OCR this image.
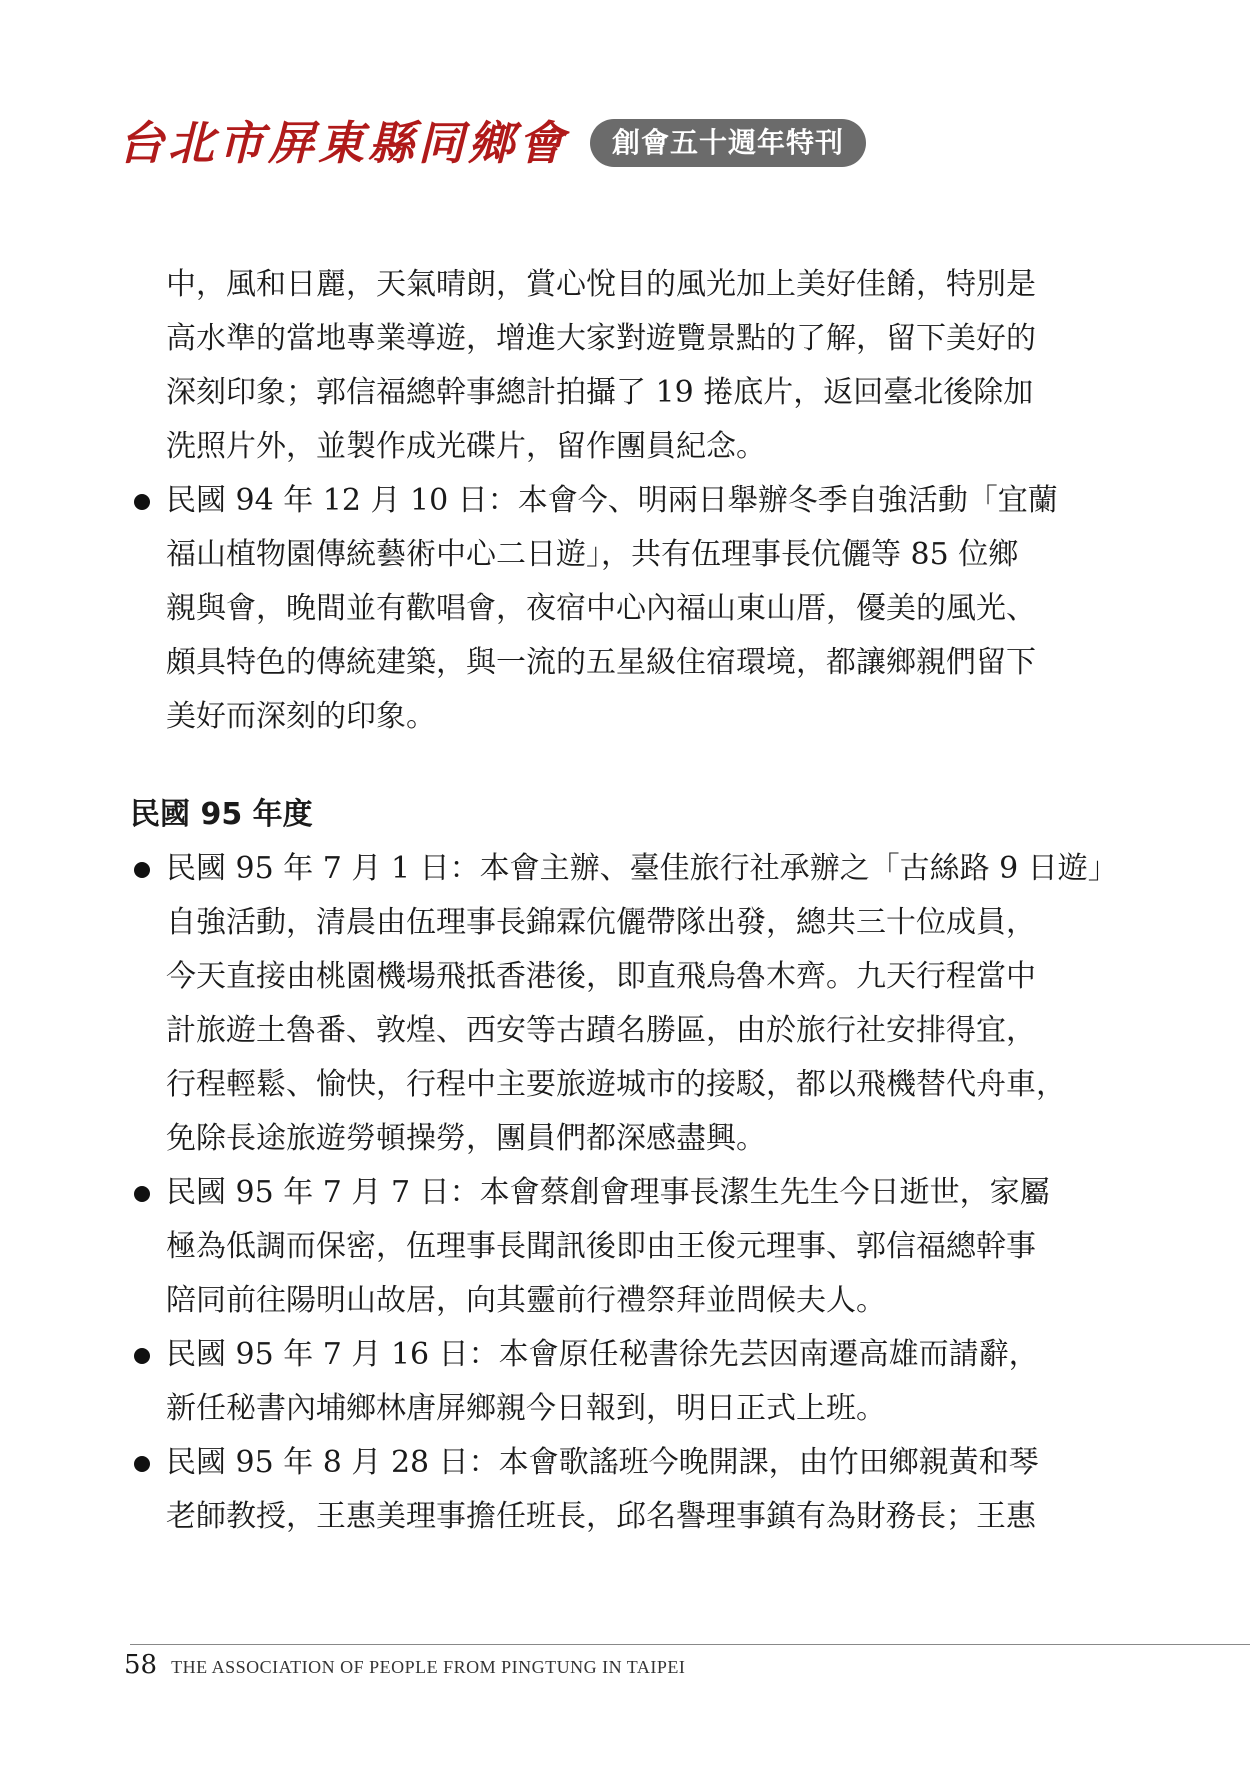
台北市屏東縣同鄉會	創會五十週年特刊

中，風和日麗，天氣晴朗，賞心悅目的風光加上美好佳餚，特別是

高水準的當地專業導遊，增進大家對遊覽景點的了解，留下美好的

深刻印象；郭信福總幹事總計拍攝了 19 捲底片，返回臺北後除加

洗照片外，並製作成光碟片，留作團員紀念。

民國 94 年 12 月 10 日：本會今、明兩日舉辦冬季自強活動「宜蘭

福山植物園傳統藝術中心二日遊」，共有伍理事長伉儷等 85 位鄉

親與會，晚間並有歡唱會，夜宿中心內福山東山厝，優美的風光、

頗具特色的傳統建築，與一流的五星級住宿環境，都讓鄉親們留下

美好而深刻的印象。

民國 95 年度

民國 95 年 7 月 1 日：本會主辦、臺佳旅行社承辦之「古絲路 9 日遊」

自強活動，清晨由伍理事長錦霖伉儷帶隊出發，總共三十位成員，

今天直接由桃園機場飛抵香港後，即直飛烏魯木齊。九天行程當中

計旅遊土魯番、敦煌、西安等古蹟名勝區，由於旅行社安排得宜，

行程輕鬆、愉快，行程中主要旅遊城市的接駁，都以飛機替代舟車，

免除長途旅遊勞頓操勞，團員們都深感盡興。

民國 95 年 7 月 7 日：本會蔡創會理事長潔生先生今日逝世，家屬

極為低調而保密，伍理事長聞訊後即由王俊元理事、郭信福總幹事

陪同前往陽明山故居，向其靈前行禮祭拜並問候夫人。

民國 95 年 7 月 16 日：本會原任秘書徐先芸因南遷高雄而請辭，

新任秘書內埔鄉林唐屏鄉親今日報到，明日正式上班。

民國 95 年 8 月 28 日：本會歌謠班今晚開課，由竹田鄉親黃和琴

老師教授，王惠美理事擔任班長，邱名譽理事鎮有為財務長；王惠

58 THE ASSOCIATION OF PEOPLE FROM PINGTUNG IN TAIPEI
